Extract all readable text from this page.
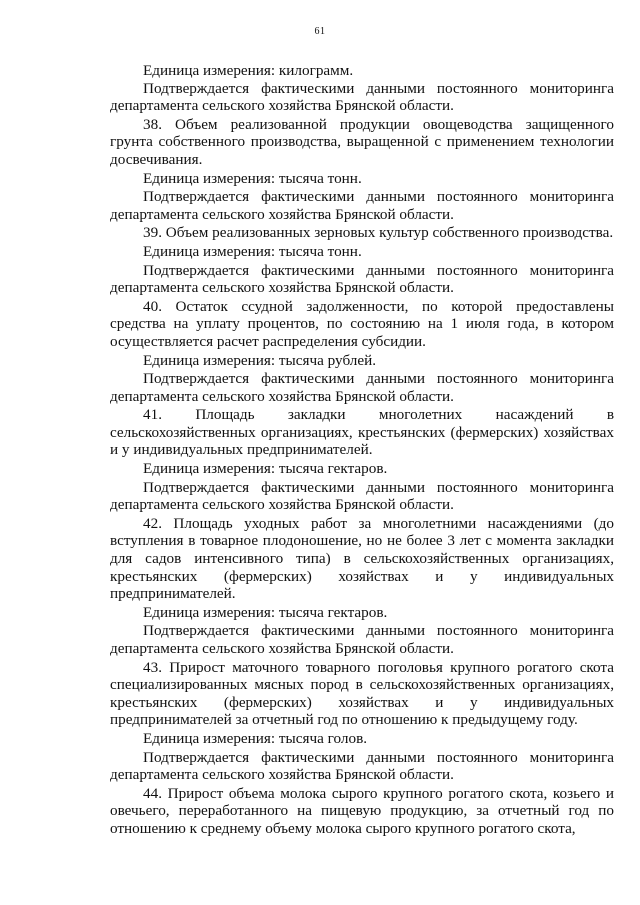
61

Единица измерения: килограмм.

Подтверждается фактическими данными постоянного мониторинга департамента сельского хозяйства Брянской области.

38. Объем реализованной продукции овощеводства защищенного грунта собственного производства, выращенной с применением технологии досвечивания.

Единица измерения: тысяча тонн.

Подтверждается фактическими данными постоянного мониторинга департамента сельского хозяйства Брянской области.

39. Объем реализованных зерновых культур собственного производства.

Единица измерения: тысяча тонн.

Подтверждается фактическими данными постоянного мониторинга департамента сельского хозяйства Брянской области.

40. Остаток ссудной задолженности, по которой предоставлены средства на уплату процентов, по состоянию на 1 июля года, в котором осуществляется расчет распределения субсидии.

Единица измерения: тысяча рублей.

Подтверждается фактическими данными постоянного мониторинга департамента сельского хозяйства Брянской области.

41. Площадь закладки многолетних насаждений в сельскохозяйственных организациях, крестьянских (фермерских) хозяйствах и у индивидуальных предпринимателей.

Единица измерения: тысяча гектаров.

Подтверждается фактическими данными постоянного мониторинга департамента сельского хозяйства Брянской области.

42. Площадь уходных работ за многолетними насаждениями (до вступления в товарное плодоношение, но не более 3 лет с момента закладки для садов интенсивного типа) в сельскохозяйственных организациях, крестьянских (фермерских) хозяйствах и у индивидуальных предпринимателей.

Единица измерения: тысяча гектаров.

Подтверждается фактическими данными постоянного мониторинга департамента сельского хозяйства Брянской области.

43. Прирост маточного товарного поголовья крупного рогатого скота специализированных мясных пород в сельскохозяйственных организациях, крестьянских (фермерских) хозяйствах и у индивидуальных предпринимателей за отчетный год по отношению к предыдущему году.

Единица измерения: тысяча голов.

Подтверждается фактическими данными постоянного мониторинга департамента сельского хозяйства Брянской области.

44. Прирост объема молока сырого крупного рогатого скота, козьего и овечьего, переработанного на пищевую продукцию, за отчетный год по отношению к среднему объему молока сырого крупного рогатого скота,
